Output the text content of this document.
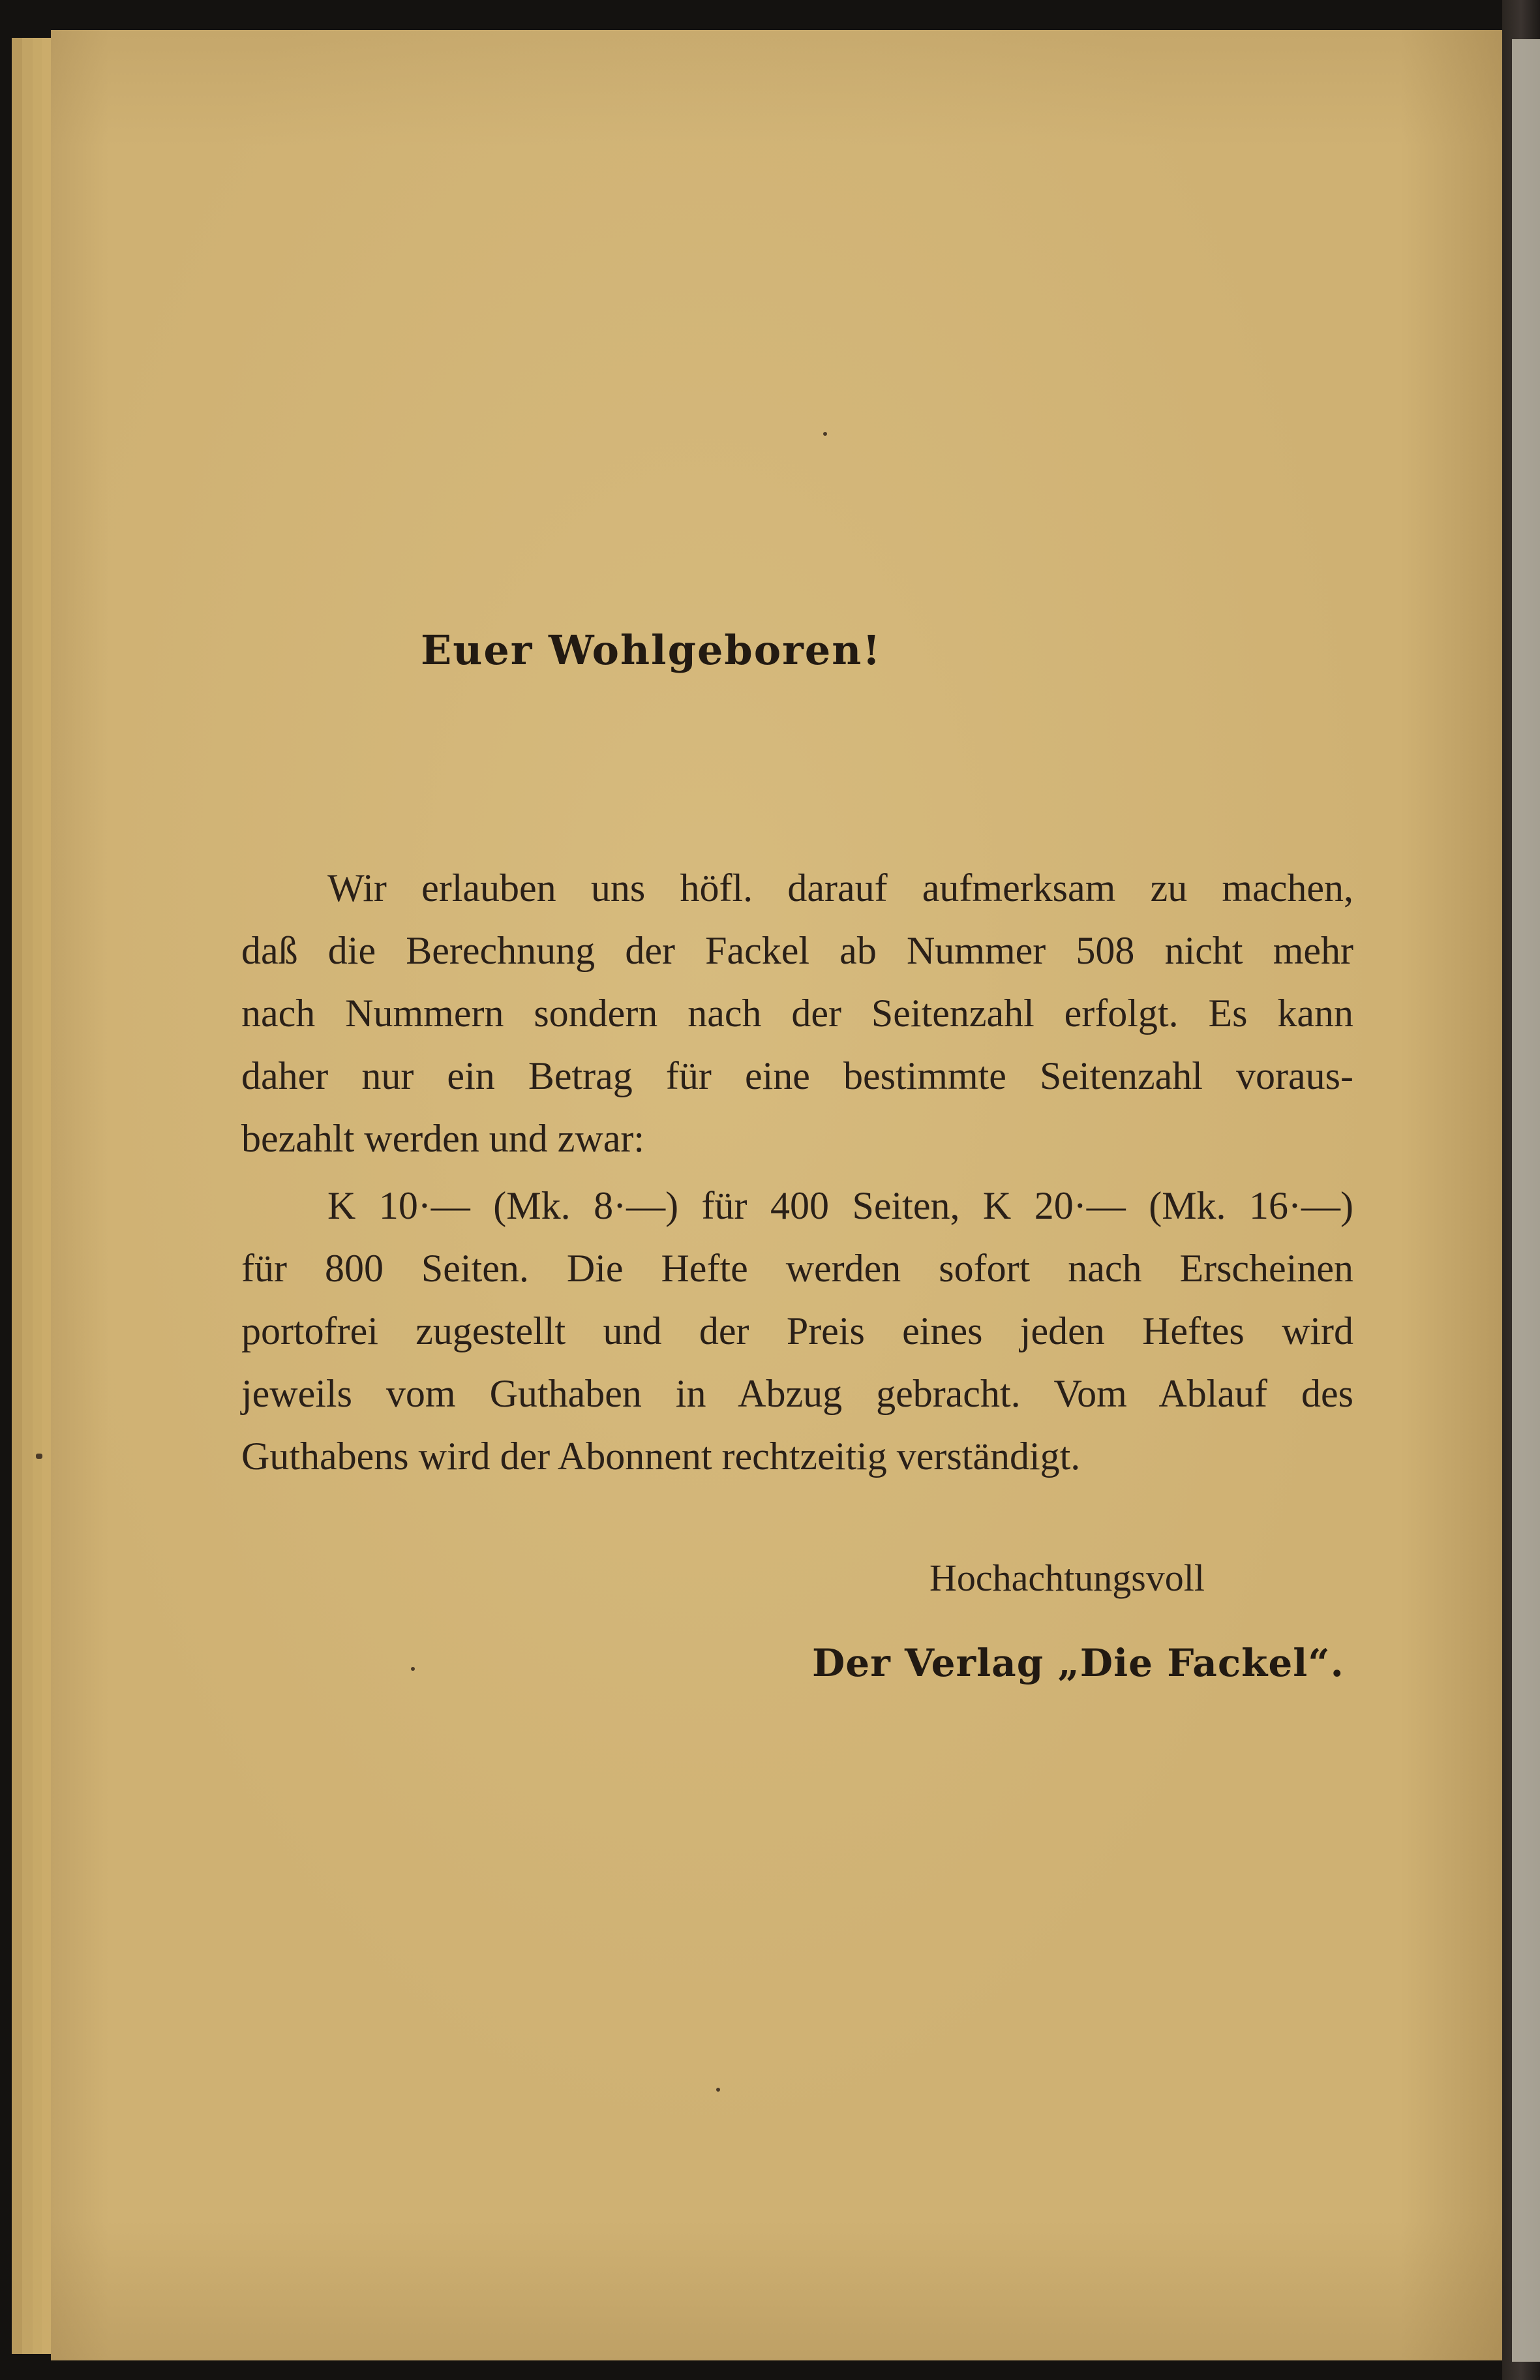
Euer Wohlgeboren!
Wir erlauben uns höfl. darauf aufmerksam zu machen,
daß die Berechnung der Fackel ab Nummer 508 nicht mehr
nach Nummern sondern nach der Seitenzahl erfolgt. Es kann
daher nur ein Betrag für eine bestimmte Seitenzahl voraus-
bezahlt werden und zwar:
K 10·— (Mk. 8·—) für 400 Seiten, K 20·— (Mk. 16·—)
für 800 Seiten. Die Hefte werden sofort nach Erscheinen
portofrei zugestellt und der Preis eines jeden Heftes wird
jeweils vom Guthaben in Abzug gebracht. Vom Ablauf des
Guthabens wird der Abonnent rechtzeitig verständigt.
Hochachtungsvoll
Der Verlag „Die Fackel“.
